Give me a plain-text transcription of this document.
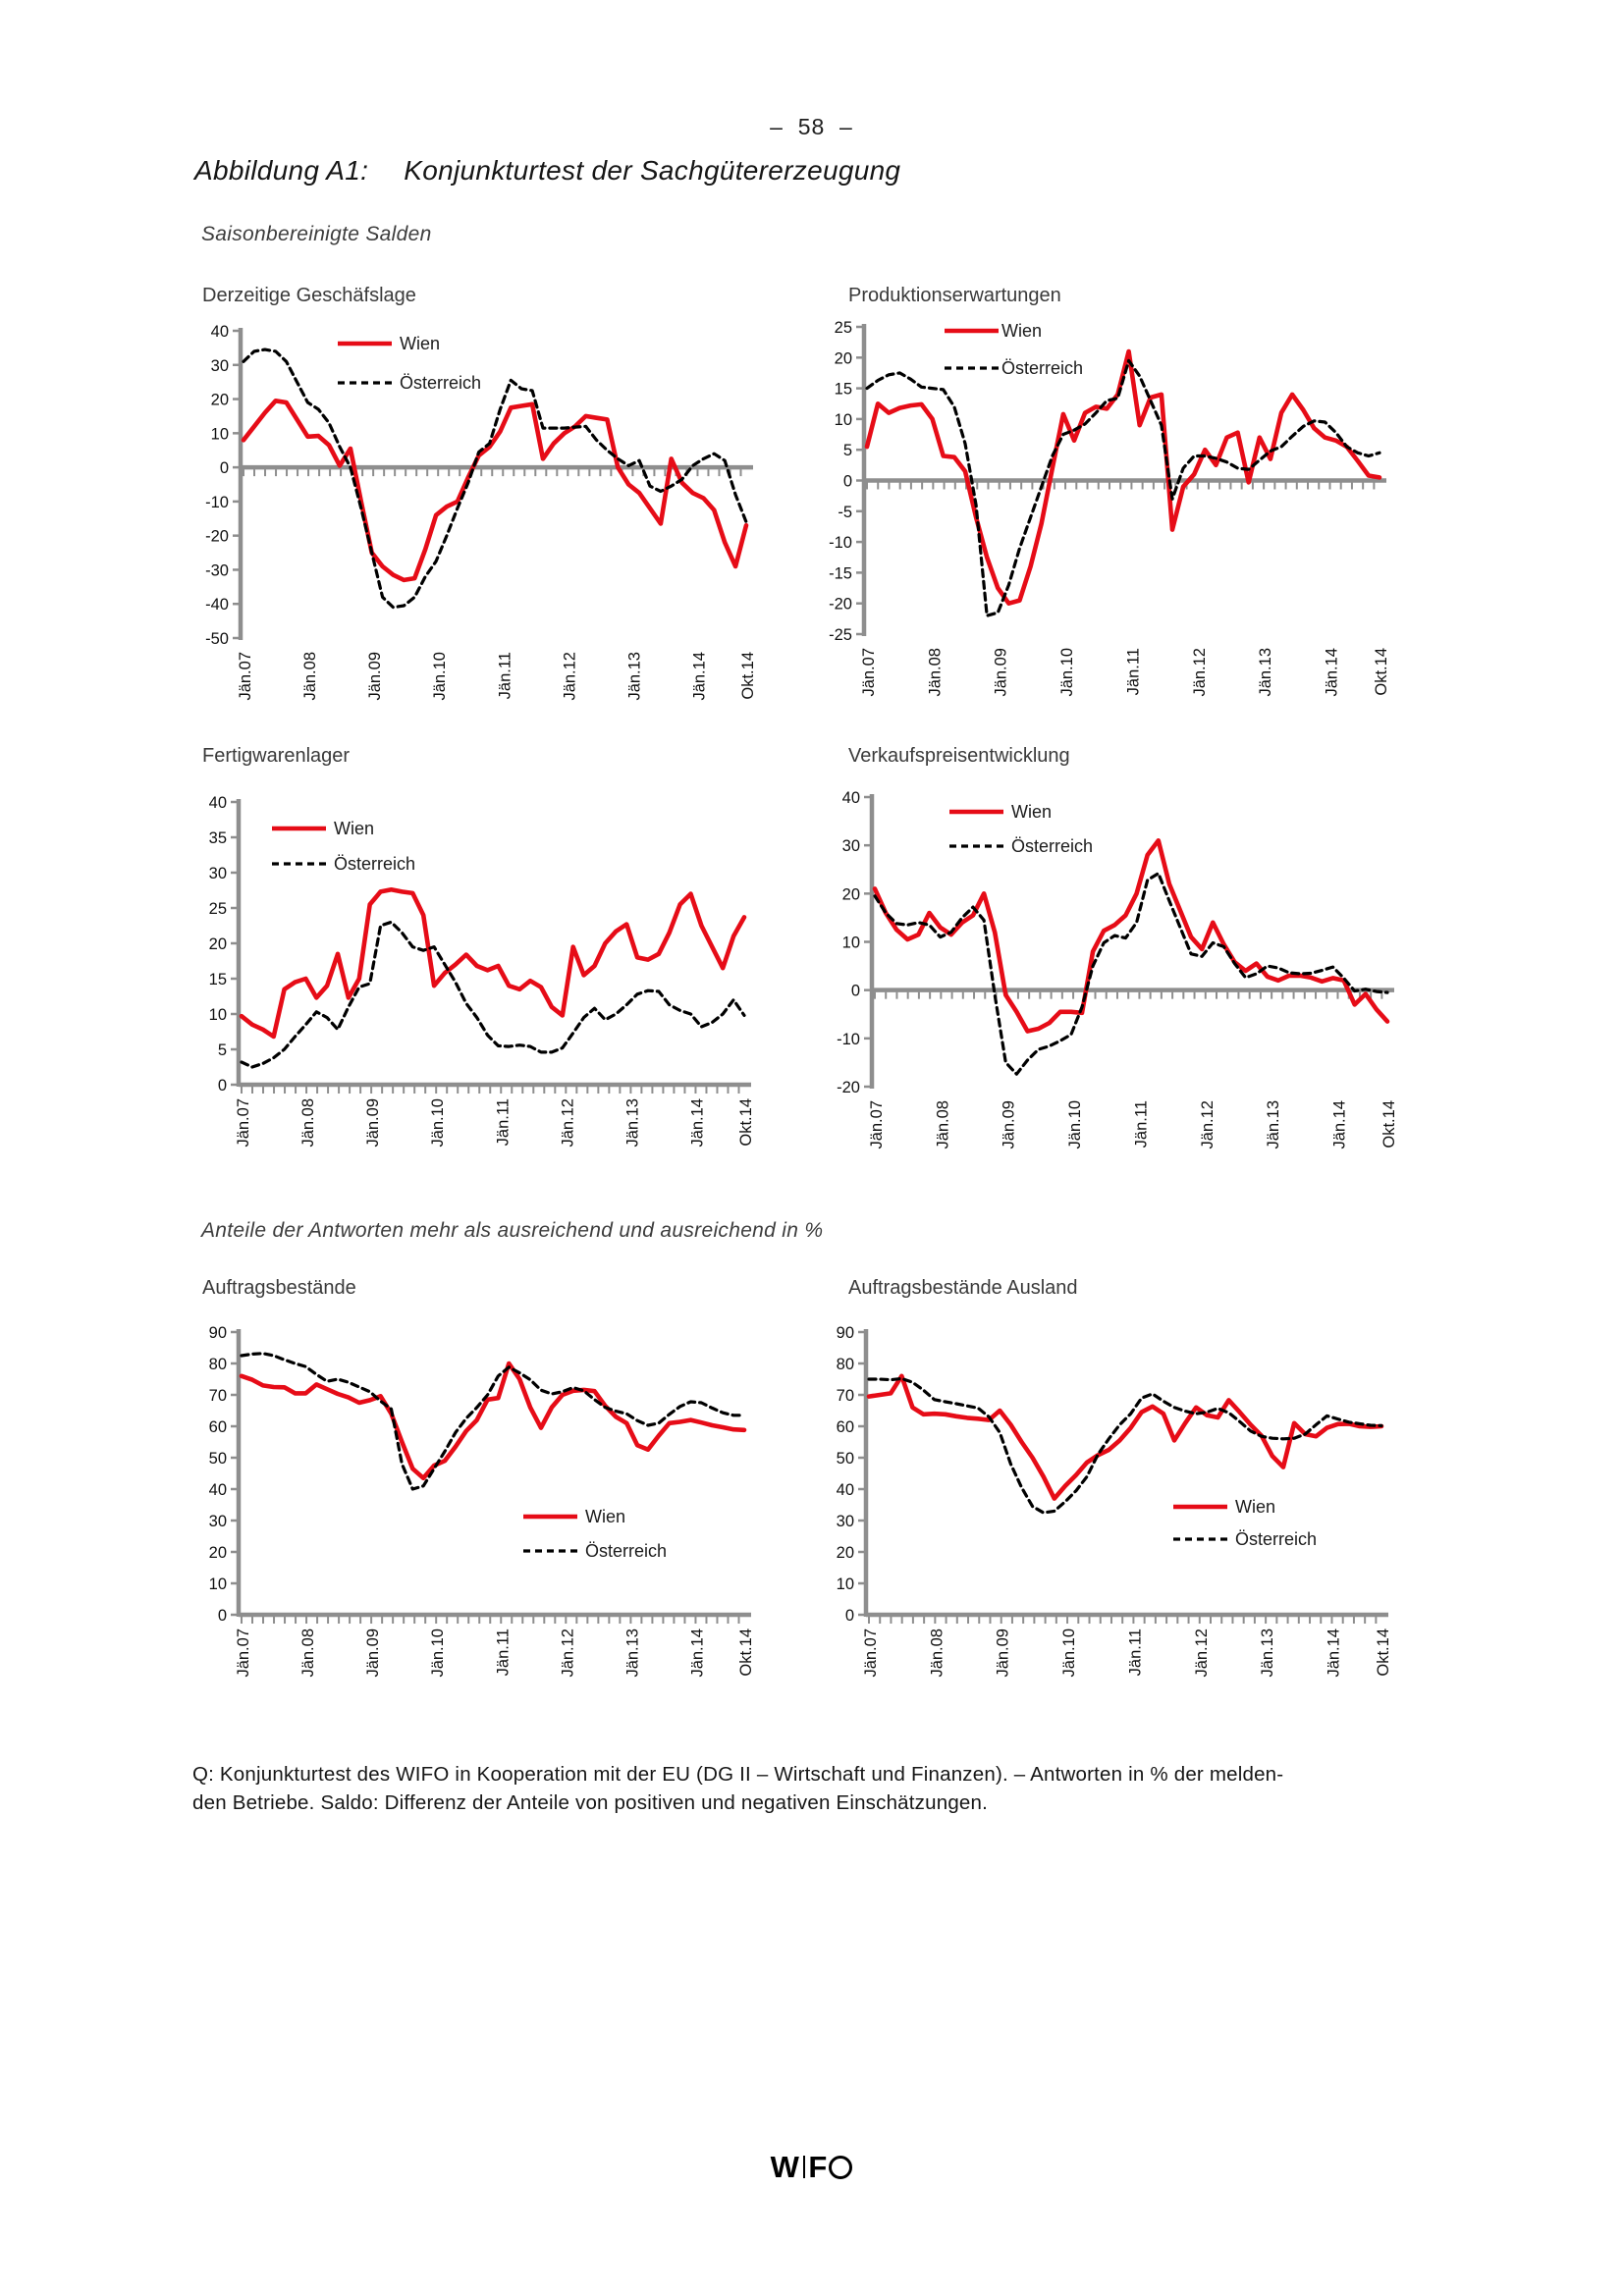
–  58  –
Abbildung A1: Konjunkturtest der Sachgütererzeugung
Saisonbereinigte Salden
Derzeitige Geschäfslage
-50
-40
-30
-20
-10
0
10
20
30
40
Jän.07	Jän.08	Jän.09	Jän.10	Jän.11	Jän.12	Jän.13	Jän.14 Okt.14
Wien
Österreich
Produktionserwartungen
-25
-20
-15
-10
-5
0
5
10
15
20
25
Jän.07	Jän.08	Jän.09	Jän.10	Jän.11	Jän.12	Jän.13	Jän.14 Okt.14
Wien
Österreich
Fertigwarenlager
0
5
10
15
20
25
30
35
40
Jän.07	Jän.08	Jän.09	Jän.10	Jän.11	Jän.12	Jän.13	Jän.14 Okt.14
Wien
Österreich
Verkaufspreisentwicklung
-20
-10
0
10
20
30
40
Jän.07	Jän.08	Jän.09	Jän.10	Jän.11	Jän.12	Jän.13	Jän.14 Okt.14
Wien
Österreich
Anteile der Antworten mehr als ausreichend und ausreichend in %
Auftragsbestände
0
10
20
30
40
50
60
70
80
90
Jän.07	Jän.08	Jän.09	Jän.10	Jän.11	Jän.12	Jän.13	Jän.14 Okt.14
Wien
Österreich
Auftragsbestände Ausland
0
10
20
30
40
50
60
70
80
90
Jän.07	Jän.08	Jän.09	Jän.10	Jän.11	Jän.12	Jän.13	Jän.14 Okt.14
Wien
Österreich
Q: Konjunkturtest des WIFO in Kooperation mit der EU (DG II – Wirtschaft und Finanzen). – Antworten in % der melden-
den Betriebe. Saldo: Differenz der Anteile von positiven und negativen Einschätzungen.
W F
